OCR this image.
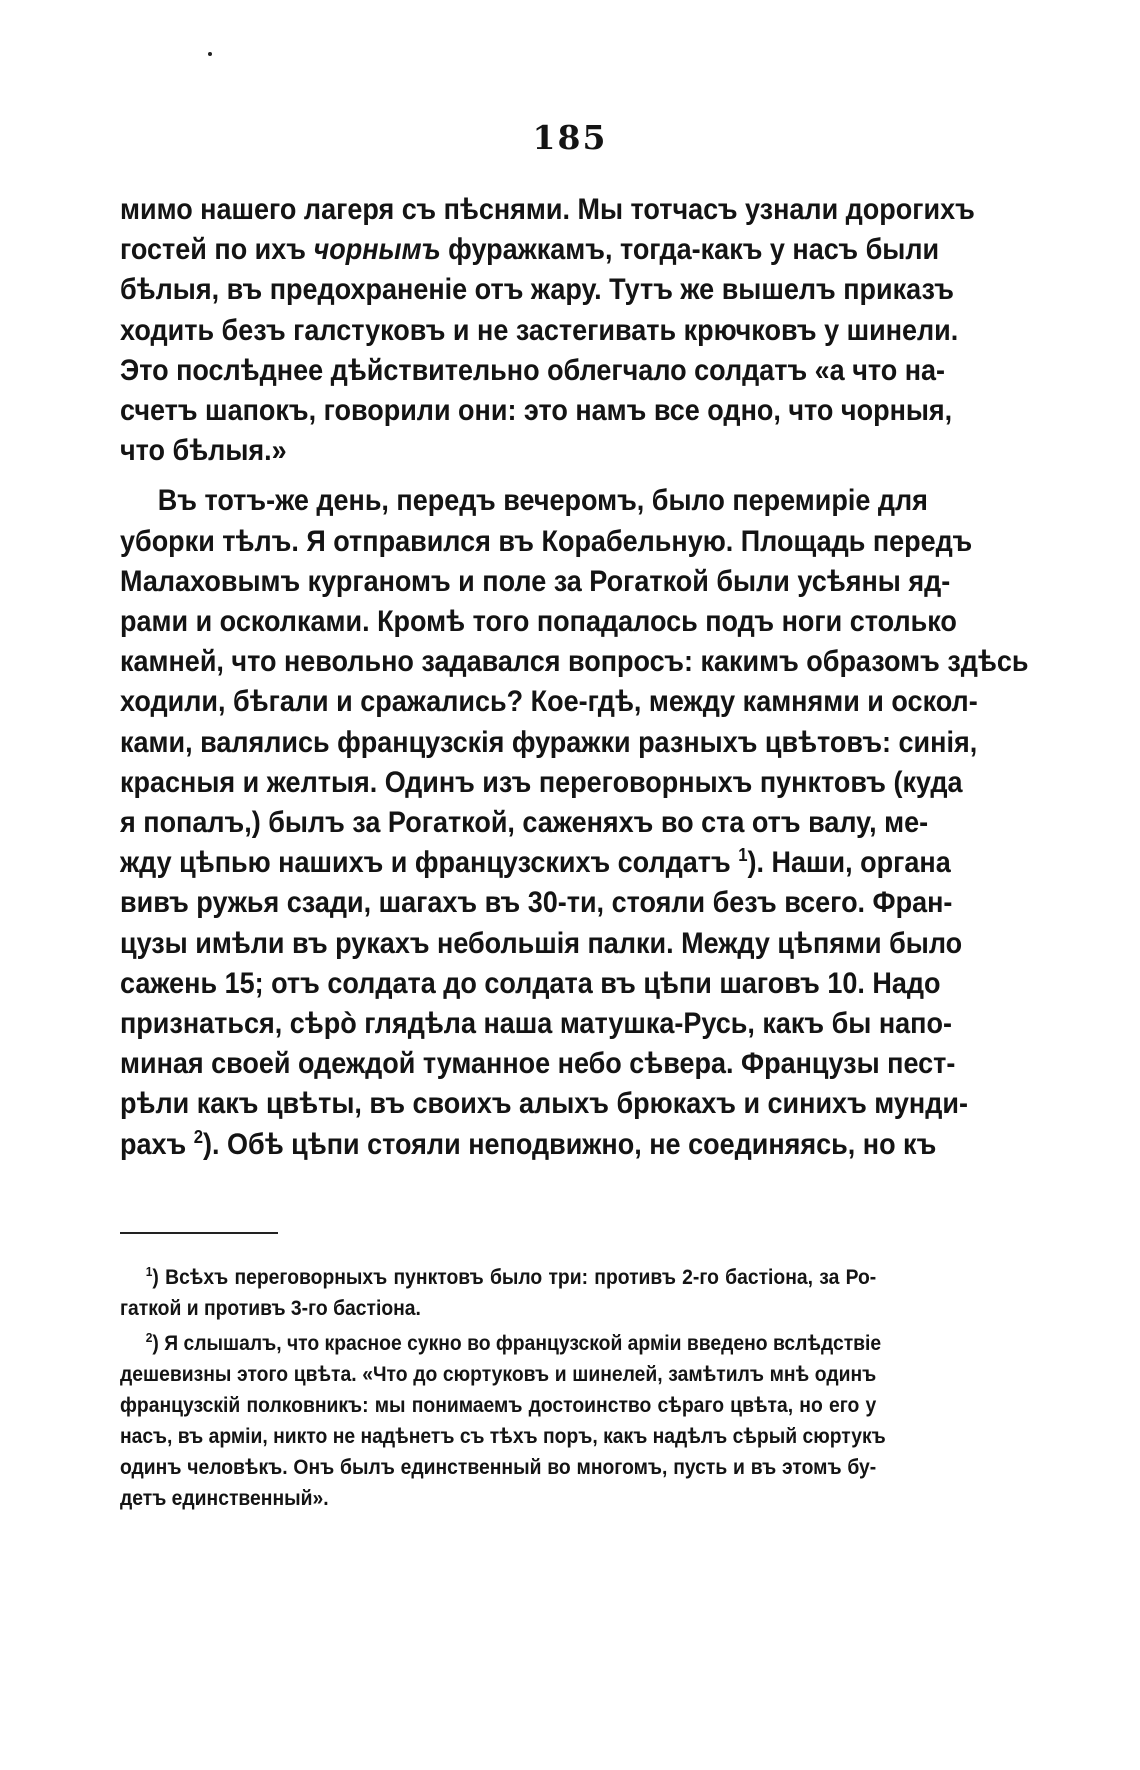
185
мимо нашего лагеря съ пѣснями. Мы тотчасъ узнали дорогихъ
гостей по ихъ чорнымъ фуражкамъ, тогда-какъ у насъ были
бѣлыя, въ предохраненіе отъ жару. Тутъ же вышелъ приказъ
ходить безъ галстуковъ и не застегивать крючковъ у шинели.
Это послѣднее дѣйствительно облегчало солдатъ «а что на-
счетъ шапокъ, говорили они: это намъ все одно, что чорныя,
что бѣлыя.»
Въ тотъ-же день, передъ вечеромъ, было перемиріе для
уборки тѣлъ. Я отправился въ Корабельную. Площадь передъ
Малаховымъ курганомъ и поле за Рогаткой были усѣяны яд-
рами и осколками. Кромѣ того попадалось подъ ноги столько
камней, что невольно задавался вопросъ: какимъ образомъ здѣсь
ходили, бѣгали и сражались? Кое-гдѣ, между камнями и оскол-
ками, валялись французскія фуражки разныхъ цвѣтовъ: синія,
красныя и желтыя. Одинъ изъ переговорныхъ пунктовъ (куда
я попалъ,) былъ за Рогаткой, саженяхъ во ста отъ валу, ме-
жду цѣпью нашихъ и французскихъ солдатъ $^1$). Наши, органа
вивъ ружья сзади, шагахъ въ 30-ти, стояли безъ всего. Фран-
цузы имѣли въ рукахъ небольшія палки. Между цѣпями было
сажень 15; отъ солдата до солдата въ цѣпи шаговъ 10. Надо
признаться, сѣрò глядѣла наша матушка-Русь, какъ бы напо-
миная своей одеждой туманное небо сѣвера. Французы пест-
рѣли какъ цвѣты, въ своихъ алыхъ брюкахъ и синихъ мунди-
рахъ $^2$). Обѣ цѣпи стояли неподвижно, не соединяясь, но къ
$^1$) Всѣхъ переговорныхъ пунктовъ было три: противъ 2-го бастіона, за Ро-
гаткой и противъ 3-го бастіона.
$^2$) Я слышалъ, что красное сукно во французской арміи введено вслѣдствіе
дешевизны этого цвѣта. «Что до сюртуковъ и шинелей, замѣтилъ мнѣ одинъ
французскій полковникъ: мы понимаемъ достоинство сѣраго цвѣта, но его у
насъ, въ арміи, никто не надѣнетъ съ тѣхъ поръ, какъ надѣлъ сѣрый сюртукъ
одинъ человѣкъ. Онъ былъ единственный во многомъ, пусть и въ этомъ бу-
детъ единственный».
